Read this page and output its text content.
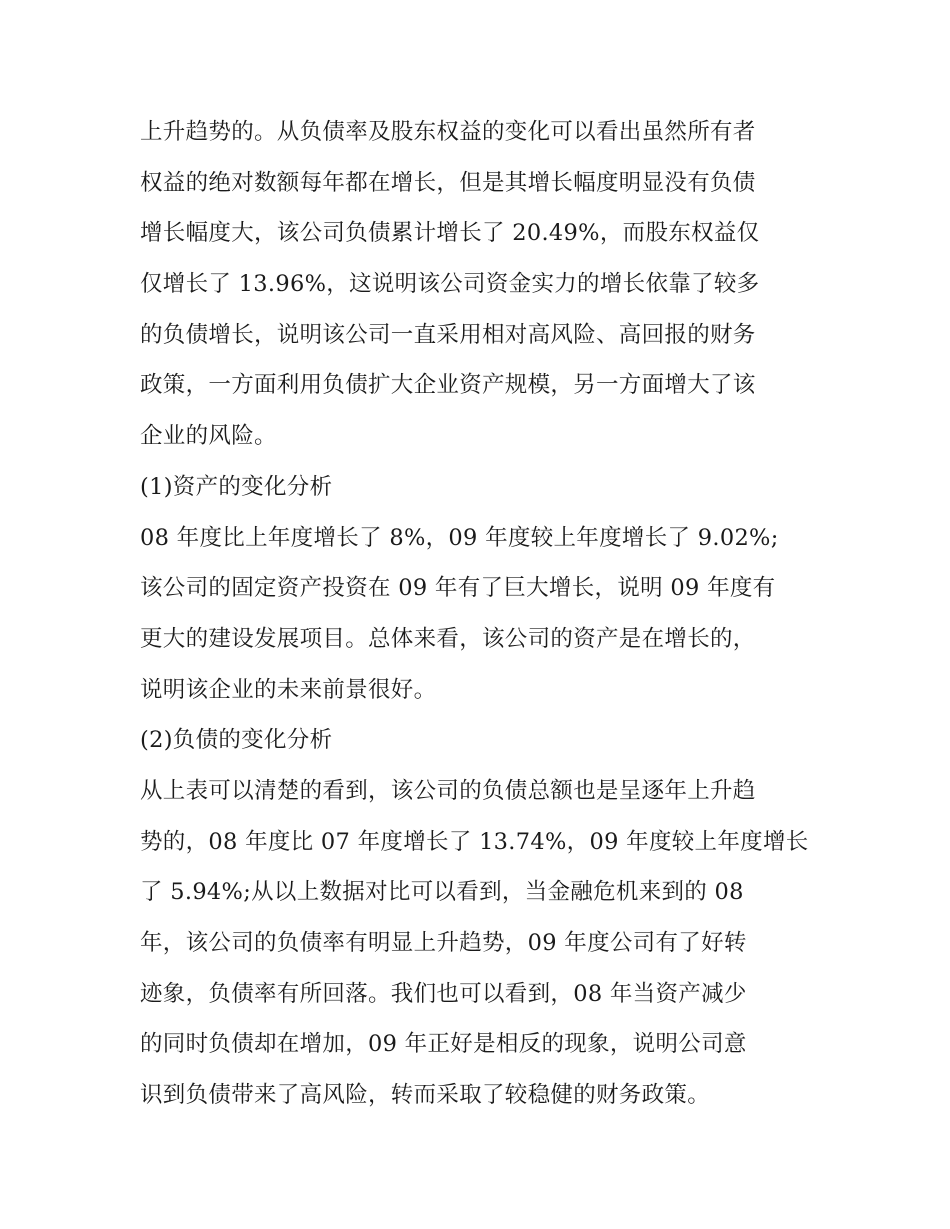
上升趋势的。从负债率及股东权益的变化可以看出虽然所有者
权益的绝对数额每年都在增长，但是其增长幅度明显没有负债
增长幅度大，该公司负债累计增长了 20.49%，而股东权益仅
仅增长了 13.96%，这说明该公司资金实力的增长依靠了较多
的负债增长，说明该公司一直采用相对高风险、高回报的财务
政策，一方面利用负债扩大企业资产规模，另一方面增大了该
企业的风险。
(1)资产的变化分析
08 年度比上年度增长了 8%，09 年度较上年度增长了 9.02%;
该公司的固定资产投资在 09 年有了巨大增长，说明 09 年度有
更大的建设发展项目。总体来看，该公司的资产是在增长的，
说明该企业的未来前景很好。
(2)负债的变化分析
从上表可以清楚的看到，该公司的负债总额也是呈逐年上升趋
势的，08 年度比 07 年度增长了 13.74%，09 年度较上年度增长
了 5.94%;从以上数据对比可以看到，当金融危机来到的 08
年，该公司的负债率有明显上升趋势，09 年度公司有了好转
迹象，负债率有所回落。我们也可以看到，08 年当资产减少
的同时负债却在增加，09 年正好是相反的现象，说明公司意
识到负债带来了高风险，转而采取了较稳健的财务政策。
